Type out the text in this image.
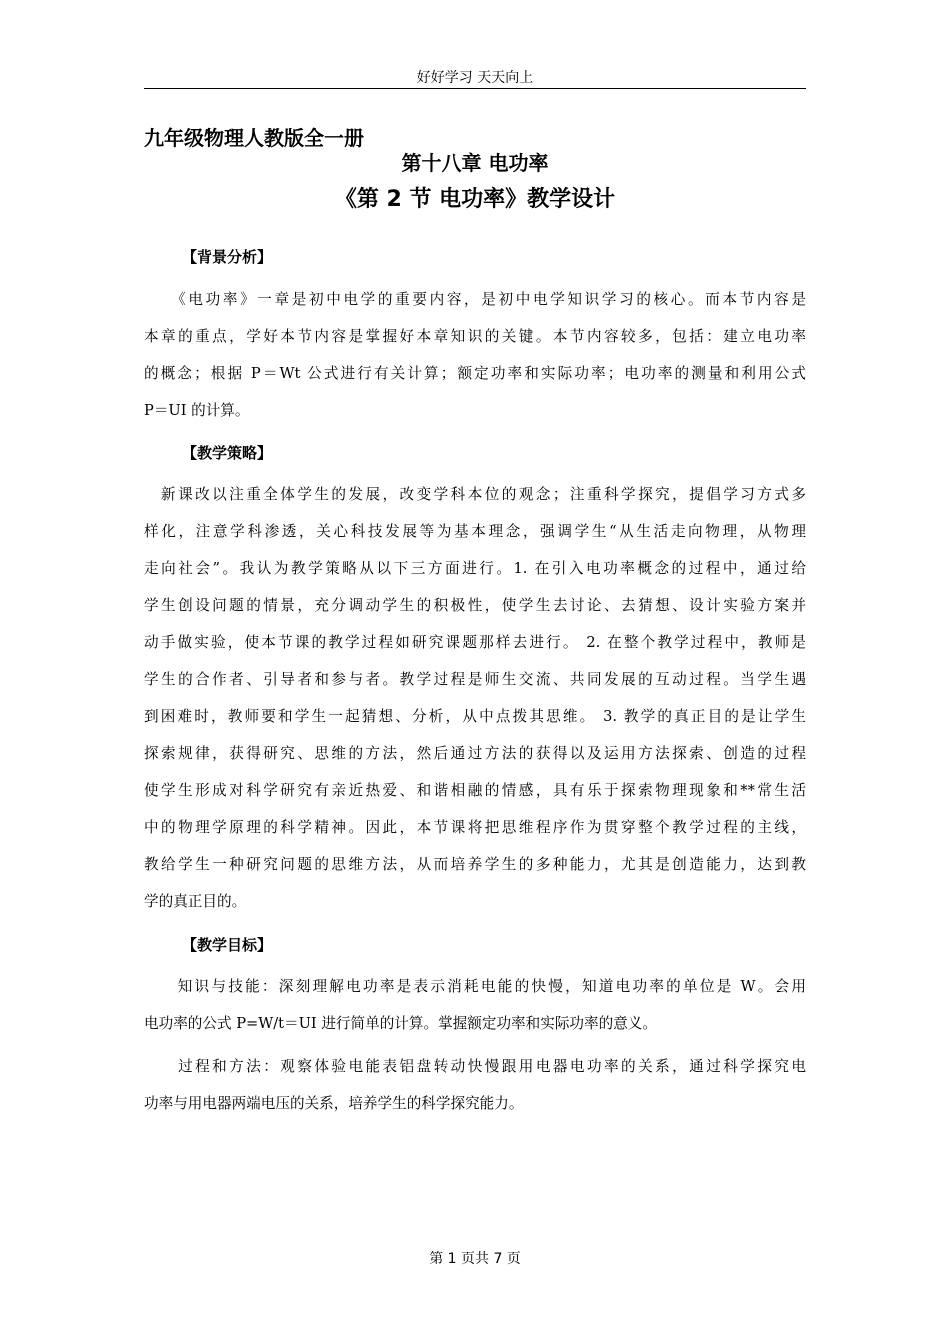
好好学习 天天向上
九年级物理人教版全一册
第十八章 电功率
《第 2 节 电功率》教学设计
【背景分析】
　　《电功率》一章是初中电学的重要内容，是初中电学知识学习的核心。而本节内容是
本章的重点，学好本节内容是掌握好本章知识的关键。本节内容较多，包括：建立电功率
的概念；根据 P＝Wt 公式进行有关计算；额定功率和实际功率；电功率的测量和利用公式
P＝UI 的计算。
【教学策略】
　新课改以注重全体学生的发展，改变学科本位的观念；注重科学探究，提倡学习方式多
样化，注意学科渗透，关心科技发展等为基本理念，强调学生“从生活走向物理，从物理
走向社会”。我认为教学策略从以下三方面进行。1. 在引入电功率概念的过程中，通过给
学生创设问题的情景，充分调动学生的积极性，使学生去讨论、去猜想、设计实验方案并
动手做实验，使本节课的教学过程如研究课题那样去进行。 2. 在整个教学过程中，教师是
学生的合作者、引导者和参与者。教学过程是师生交流、共同发展的互动过程。当学生遇
到困难时，教师要和学生一起猜想、分析，从中点拨其思维。 3. 教学的真正目的是让学生
探索规律，获得研究、思维的方法，然后通过方法的获得以及运用方法探索、创造的过程
使学生形成对科学研究有亲近热爱、和谐相融的情感，具有乐于探索物理现象和**常生活
中的物理学原理的科学精神。因此，本节课将把思维程序作为贯穿整个教学过程的主线，
教给学生一种研究问题的思维方法，从而培养学生的多种能力，尤其是创造能力，达到教
学的真正目的。
【教学目标】
　　知识与技能：深刻理解电功率是表示消耗电能的快慢，知道电功率的单位是 W。会用
电功率的公式 P=W/t＝UI 进行简单的计算。掌握额定功率和实际功率的意义。
　　过程和方法：观察体验电能表铝盘转动快慢跟用电器电功率的关系，通过科学探究电
功率与用电器两端电压的关系，培养学生的科学探究能力。
第 1 页共 7 页
